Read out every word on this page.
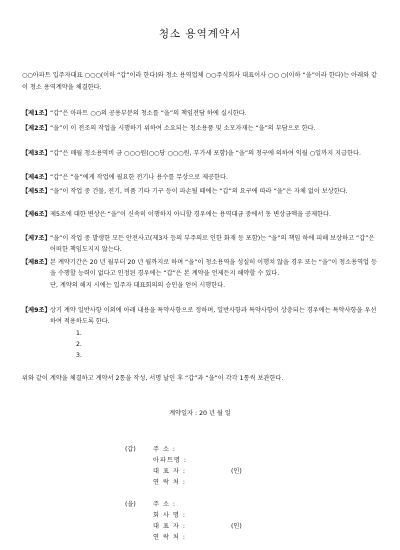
청소 용역계약서
○○아파트 입주자대표 ○○○(이하 “갑”이라 한다)와 청소 용역업체 ○○주식회사 대표이사 ○○ ○(이하 “을”이라 한다)는 아래와 같이 청소 용역계약을 체결한다.
【제1조】 “갑”은 아파트 ○○의 공용부분의 청소를 “을”의 책임전담 하에 실시한다.
【제2조】 “을”이 이 전조의 작업을 시행하기 위하여 소요되는 청소용품 및 소모자재는 “을”의 부담으로 한다.
【제3조】 “갑”은 매월 청소용역비 금 ○○○원(○○당 ○○○원, 부가세 포함)을 “을”의 청구에 의하여 익월 ○일까지 지급한다.
【제4조】 “갑”은 “을”에게 작업에 필요한 전기나 용수를 무상으로 제공한다.
【제5조】 “을”이 작업 중 건물, 전기, 비품 기타 기구 등이 파손될 때에는 “갑”의 요구에 따라 “을”은 자체 없이 보상한다.
【제6조】 제5조에 대한 변상은 “을”이 신속히 이행하지 아니할 경우에는 용역대금 중에서 동 변상금액을 공제한다.
【제7조】 “을”이 작업 중 발생한 모든 안전사고(제3자 등의 부주의로 인한 화재 등 포함)는 “을”의 책임 하에 피해 보상하고 “갑”은 어떠한 책임도지지 않는다.
【제8조】 본 계약기간은 20 년 월부터 20 년 월까지로 하며 “을”이 청소용역을 성실히 이행치 않을 경우 또는 “을”이 청소용역업 등을 수행할 능력이 없다고 인정된 경우에는 “갑”은 본 계약을 언제든지 해약할 수 있다.
단, 계약의 해지 시에는 입주자 대표회의의 승인을 얻어 시행한다.
【제9조】 상기 계약 일반사항 이외에 아래 내용을 특약사항으로 정하며, 일반사항과 특약사항이 상충되는 경우에는 특약사항을 우선하여 적용하도록 한다.
1.
2.
3.
위와 같이 계약을 체결하고 계약서 2통을 작성, 서명 날인 후 “갑”과 “을”이 각각 1통씩 보관한다.
계약일자 : 20 년 월 일
(갑)	주 소 :
아파트명 :
대 표 자 :	(인)
연 락 처 :
(을)	주 소 :
회 사 명 :
대 표 자 :	(인)
연 락 처 :
